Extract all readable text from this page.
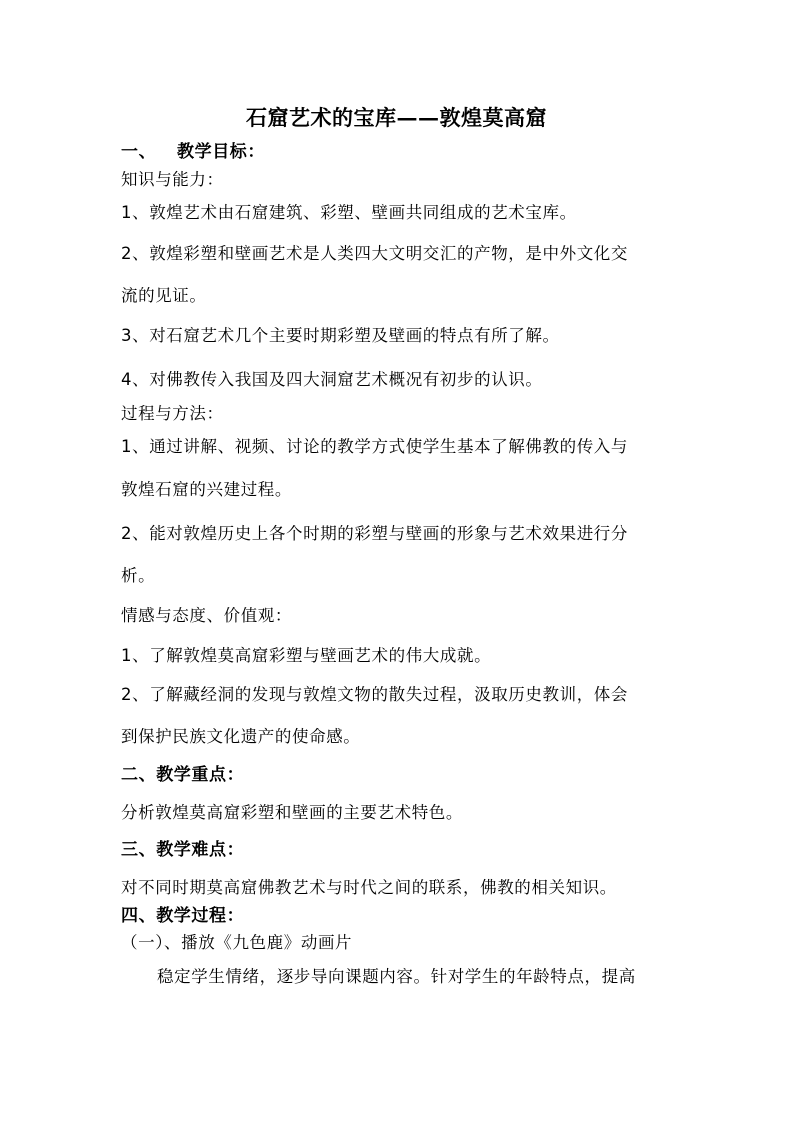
石窟艺术的宝库——敦煌莫高窟
一、 教学目标：
知识与能力：
1、敦煌艺术由石窟建筑、彩塑、壁画共同组成的艺术宝库。
2、敦煌彩塑和壁画艺术是人类四大文明交汇的产物，是中外文化交
流的见证。
3、对石窟艺术几个主要时期彩塑及壁画的特点有所了解。
4、对佛教传入我国及四大洞窟艺术概况有初步的认识。
过程与方法：
1、通过讲解、视频、讨论的教学方式使学生基本了解佛教的传入与
敦煌石窟的兴建过程。
2、能对敦煌历史上各个时期的彩塑与壁画的形象与艺术效果进行分
析。
情感与态度、价值观：
1、了解敦煌莫高窟彩塑与壁画艺术的伟大成就。
2、了解藏经洞的发现与敦煌文物的散失过程，汲取历史教训，体会
到保护民族文化遗产的使命感。
二、教学重点：
分析敦煌莫高窟彩塑和壁画的主要艺术特色。
三、教学难点：
对不同时期莫高窟佛教艺术与时代之间的联系，佛教的相关知识。
四、教学过程：
（一）、播放《九色鹿》动画片
稳定学生情绪，逐步导向课题内容。针对学生的年龄特点，提高
